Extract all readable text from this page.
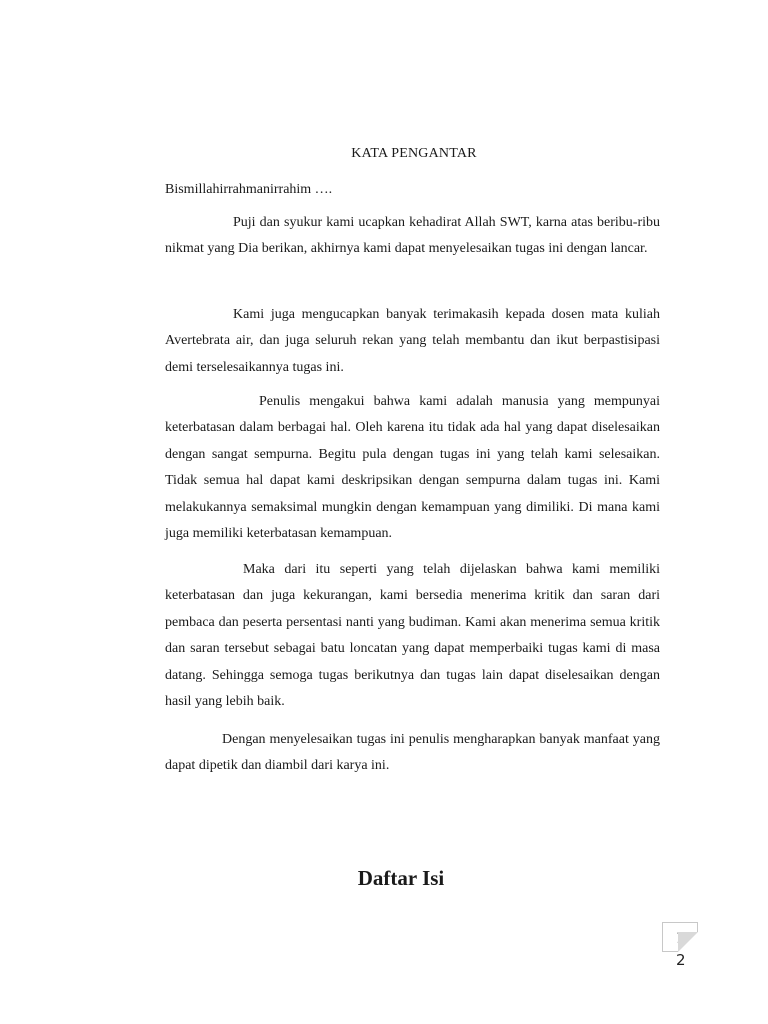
KATA PENGANTAR
Bismillahirrahmanirrahim ….

Puji dan syukur kami ucapkan kehadirat Allah SWT, karna atas beribu-ribu nikmat yang Dia berikan, akhirnya kami dapat menyelesaikan tugas ini dengan lancar.

Kami juga mengucapkan banyak terimakasih kepada dosen mata kuliah Avertebrata air, dan juga seluruh rekan yang telah membantu dan ikut berpastisipasi demi terselesaikannya tugas ini.

Penulis mengakui bahwa kami adalah manusia yang mempunyai keterbatasan dalam berbagai hal. Oleh karena itu tidak ada hal yang dapat diselesaikan dengan sangat sempurna. Begitu pula dengan tugas ini yang telah kami selesaikan. Tidak semua hal dapat kami deskripsikan dengan sempurna dalam tugas ini. Kami melakukannya semaksimal mungkin dengan kemampuan yang dimiliki. Di mana kami juga memiliki keterbatasan kemampuan.

Maka dari itu seperti yang telah dijelaskan bahwa kami memiliki keterbatasan dan juga kekurangan, kami bersedia menerima kritik dan saran dari pembaca dan peserta persentasi nanti yang budiman. Kami akan menerima semua kritik dan saran tersebut sebagai batu loncatan yang dapat memperbaiki tugas kami di masa datang. Sehingga semoga tugas berikutnya dan tugas lain dapat diselesaikan dengan hasil yang lebih baik.

Dengan menyelesaikan tugas ini penulis mengharapkan banyak manfaat yang dapat dipetik dan diambil dari karya ini.

Daftar Isi
12
